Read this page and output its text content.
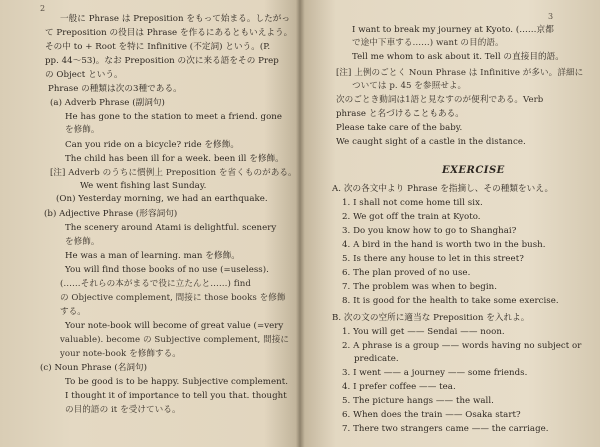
2
一般に Phrase は Preposition をもって始まる。したがっ
て Preposition の役目は Phrase を作るにあるともいえよう。
その中 to + Root を特に Infinitive (不定詞) という。(P.
pp. 44〜53)。なお Preposition の次に来る語をその Prep
の Object という。
Phrase の種類は次の3種である。
(a) Adverb Phrase (副詞句)
He has gone to the station to meet a friend. gone
を修飾。
Can you ride on a bicycle? ride を修飾。
The child has been ill for a week. been ill を修飾。
[注] Adverb のうちに慣例上 Preposition を省くものがある。
We went fishing last Sunday.
(On) Yesterday morning, we had an earthquake.
(b) Adjective Phrase (形容詞句)
The scenery around Atami is delightful. scenery
を修飾。
He was a man of learning. man を修飾。
You will find those books of no use (=useless).
(……それらの本がまるで役に立たんと……) find
の Objective complement, 間接に those books を修飾
する。
Your note-book will become of great value (=very
valuable). become の Subjective complement, 間接に
your note-book を修飾する。
(c) Noun Phrase (名詞句)
To be good is to be happy. Subjective complement.
I thought it of importance to tell you that. thought
の目的語の it を受けている。
3
I want to break my journey at Kyoto. (……京都
で途中下車する……) want の目的語。
Tell me whom to ask about it. Tell の直接目的語。
[注] 上例のごとく Noun Phrase は Infinitive が多い。詳細に
ついては p. 45 を参照せよ。
次のごとき動詞は1語と見なすのが便利である。Verb
phrase と名づけることもある。
Please take care of the baby.
We caught sight of a castle in the distance.
EXERCISE
A. 次の各文中より Phrase を指摘し、その種類をいえ。
1. I shall not come home till six.
2. We got off the train at Kyoto.
3. Do you know how to go to Shanghai?
4. A bird in the hand is worth two in the bush.
5. Is there any house to let in this street?
6. The plan proved of no use.
7. The problem was when to begin.
8. It is good for the health to take some exercise.
B. 次の文の空所に適当な Preposition を入れよ。
1. You will get —— Sendai —— noon.
2. A phrase is a group —— words having no subject or
predicate.
3. I went —— a journey —— some friends.
4. I prefer coffee —— tea.
5. The picture hangs —— the wall.
6. When does the train —— Osaka start?
7. There two strangers came —— the carriage.
